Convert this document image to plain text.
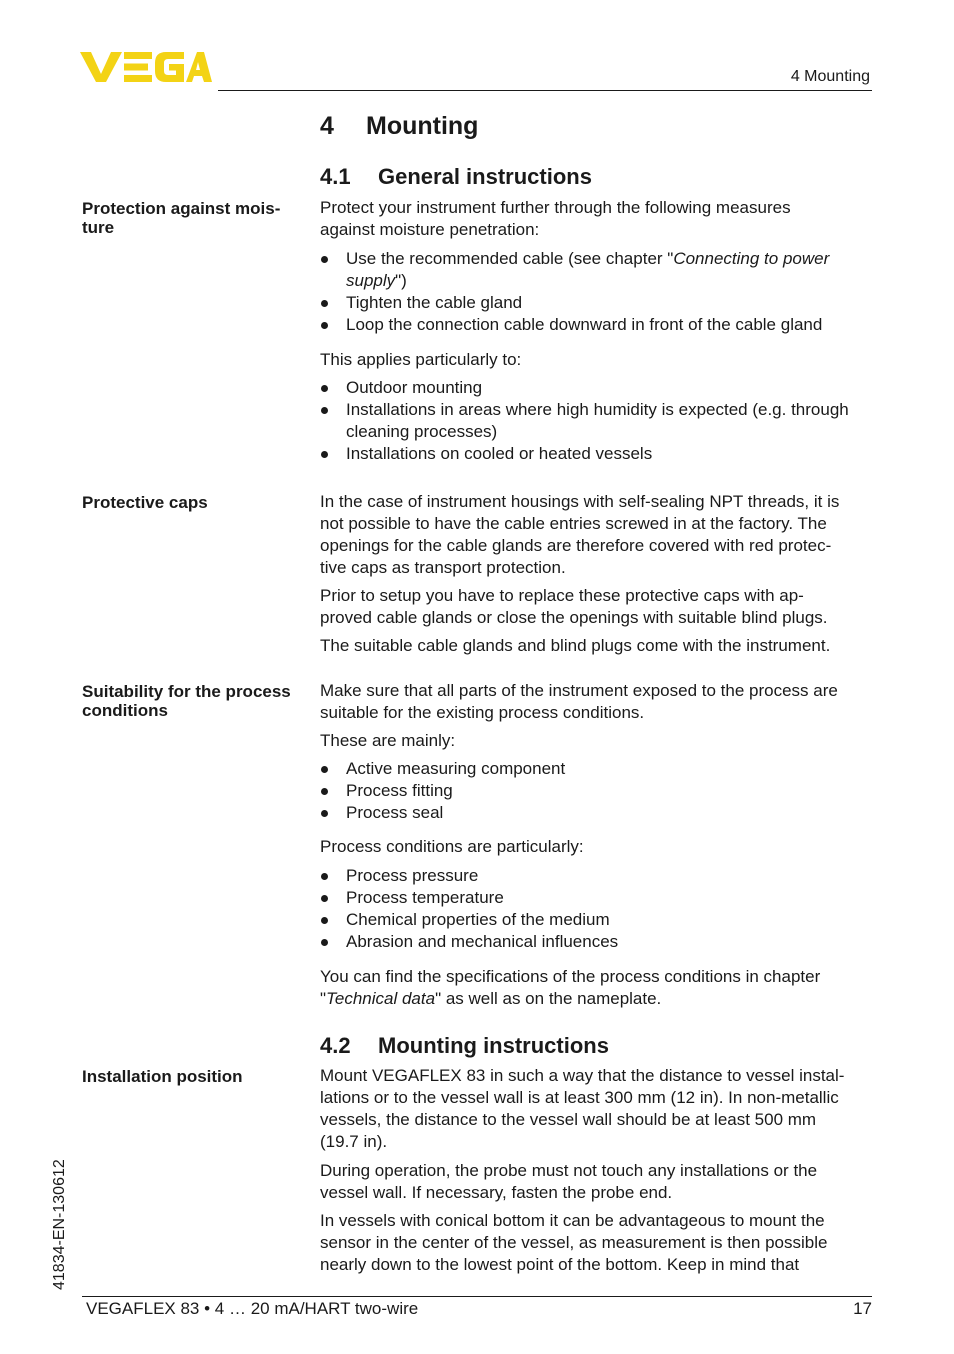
4 Mounting
4 Mounting
4.1 General instructions
Protection against mois-
ture

Protect your instrument further through the following measures

against moisture penetration:

Use the recommended cable (see chapter "Connecting to power
supply")
Tighten the cable gland
Loop the connection cable downward in front of the cable gland

This applies particularly to:

Outdoor mounting
Installations in areas where high humidity is expected (e.g. through
cleaning processes)
Installations on cooled or heated vessels
Protective caps	In the case of instrument housings with self-sealing NPT threads, it is

not possible to have the cable entries screwed in at the factory. The

openings for the cable glands are therefore covered with red protec-

tive caps as transport protection.

Prior to setup you have to replace these protective caps with ap-

proved cable glands or close the openings with suitable blind plugs.

The suitable cable glands and blind plugs come with the instrument.

Suitability for the process
conditions

Make sure that all parts of the instrument exposed to the process are

suitable for the existing process conditions.

These are mainly:

Active measuring component
Process fitting
Process seal

Process conditions are particularly:

Process pressure
Process temperature
Chemical properties of the medium
Abrasion and mechanical influences

You can find the specifications of the process conditions in chapter

"Technical data" as well as on the nameplate.

4.2 Mounting instructions
Installation position	Mount VEGAFLEX 83 in such a way that the distance to vessel instal-

lations or to the vessel wall is at least 300 mm (12 in). In non-metallic

vessels, the distance to the vessel wall should be at least 500 mm

(19.7 in).

During operation, the probe must not touch any installations or the

vessel wall. If necessary, fasten the probe end.

In vessels with conical bottom it can be advantageous to mount the

sensor in the center of the vessel, as measurement is then possible

nearly down to the lowest point of the bottom. Keep in mind that

41834-EN-130612
VEGAFLEX 83 • 4 … 20 mA/HART two-wire	17
